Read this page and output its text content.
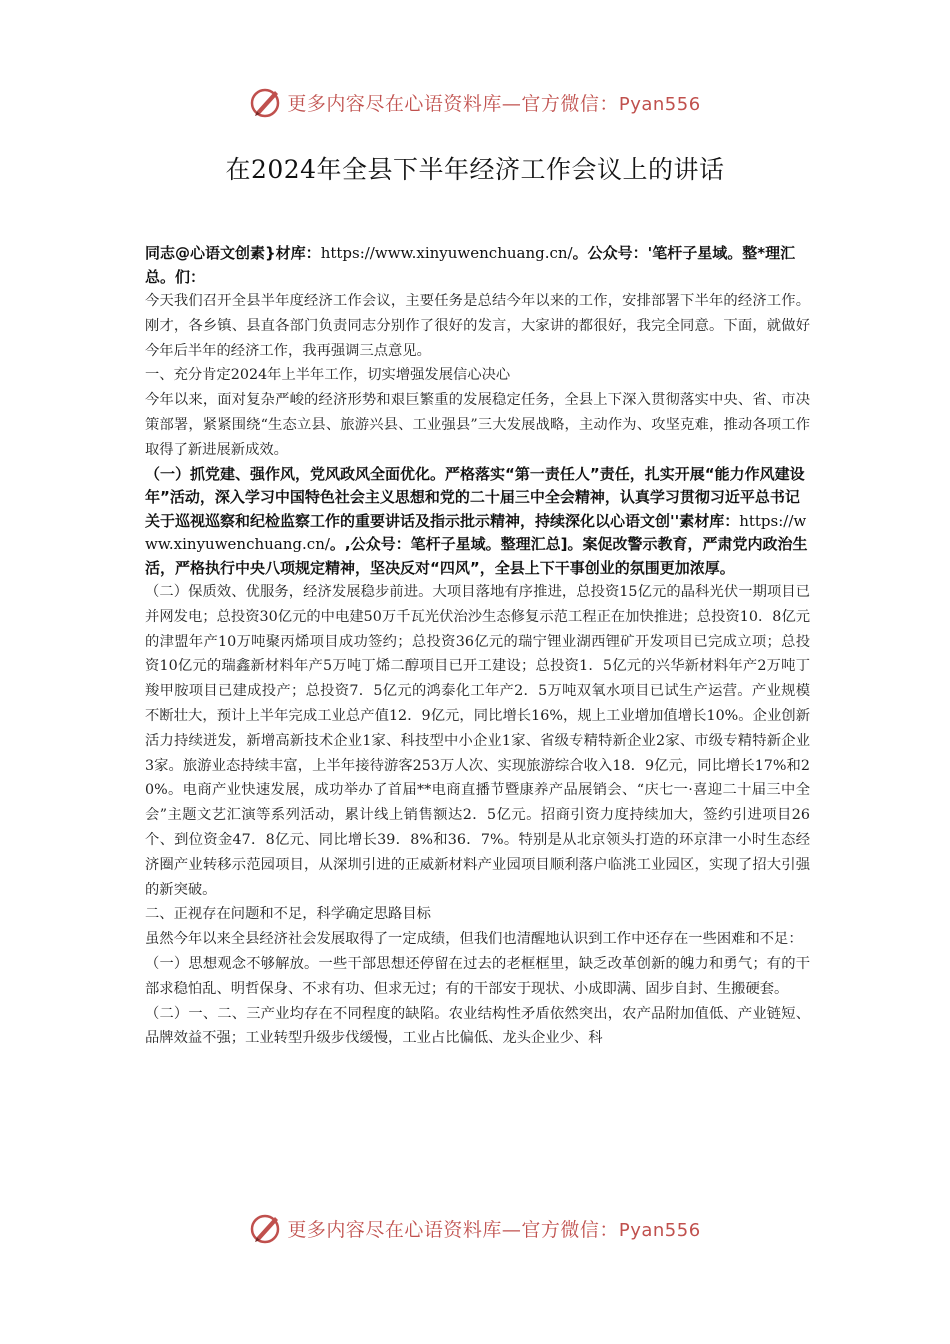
更多内容尽在心语资料库—官方微信：Pyan556
在2024年全县下半年经济工作会议上的讲话

同志@心语文创素}材库：https://www.xinyuwenchuang.cn/。公众号：'笔杆子星域。整*理汇总。们：

今天我们召开全县半年度经济工作会议，主要任务是总结今年以来的工作，安排部署下半年的经济工作。刚才，各乡镇、县直各部门负责同志分别作了很好的发言，大家讲的都很好，我完全同意。下面，就做好今年后半年的经济工作，我再强调三点意见。

一、充分肯定2024年上半年工作，切实增强发展信心决心

今年以来，面对复杂严峻的经济形势和艰巨繁重的发展稳定任务，全县上下深入贯彻落实中央、省、市决策部署，紧紧围绕“生态立县、旅游兴县、工业强县”三大发展战略，主动作为、攻坚克难，推动各项工作取得了新进展新成效。

（一）抓党建、强作风，党风政风全面优化。严格落实“第一责任人”责任，扎实开展“能力作风建设年”活动，深入学习中国特色社会主义思想和党的二十届三中全会精神，认真学习贯彻习近平总书记关于巡视巡察和纪检监察工作的重要讲话及指示批示精神，持续深化以心语文创''素材库：https://www.xinyuwenchuang.cn/。,公众号：笔杆子星域。整理汇总]。案促改警示教育，严肃党内政治生活，严格执行中央八项规定精神，坚决反对“四风”，全县上下干事创业的氛围更加浓厚。

（二）保质效、优服务，经济发展稳步前进。大项目落地有序推进，总投资15亿元的晶科光伏一期项目已并网发电；总投资30亿元的中电建50万千瓦光伏治沙生态修复示范工程正在加快推进；总投资10．8亿元的津盟年产10万吨聚丙烯项目成功签约；总投资36亿元的瑞宁锂业湖西锂矿开发项目已完成立项；总投资10亿元的瑞鑫新材料年产5万吨丁烯二醇项目已开工建设；总投资1．5亿元的兴华新材料年产2万吨丁羧甲胺项目已建成投产；总投资7．5亿元的鸿泰化工年产2．5万吨双氧水项目已试生产运营。产业规模不断壮大，预计上半年完成工业总产值12．9亿元，同比增长16%，规上工业增加值增长10%。企业创新活力持续迸发，新增高新技术企业1家、科技型中小企业1家、省级专精特新企业2家、市级专精特新企业3家。旅游业态持续丰富，上半年接待游客253万人次、实现旅游综合收入18．9亿元，同比增长17%和20%。电商产业快速发展，成功举办了首届**电商直播节暨康养产品展销会、“庆七一·喜迎二十届三中全会”主题文艺汇演等系列活动，累计线上销售额达2．5亿元。招商引资力度持续加大，签约引进项目26个、到位资金47．8亿元、同比增长39．8%和36．7%。特别是从北京领头打造的环京津一小时生态经济圈产业转移示范园项目，从深圳引进的正威新材料产业园项目顺利落户临洮工业园区，实现了招大引强的新突破。

二、正视存在问题和不足，科学确定思路目标

虽然今年以来全县经济社会发展取得了一定成绩，但我们也清醒地认识到工作中还存在一些困难和不足：

（一）思想观念不够解放。一些干部思想还停留在过去的老框框里，缺乏改革创新的魄力和勇气；有的干部求稳怕乱、明哲保身、不求有功、但求无过；有的干部安于现状、小成即满、固步自封、生搬硬套。

（二）一、二、三产业均存在不同程度的缺陷。农业结构性矛盾依然突出，农产品附加值低、产业链短、品牌效益不强；工业转型升级步伐缓慢，工业占比偏低、龙头企业少、科

更多内容尽在心语资料库—官方微信：Pyan556
